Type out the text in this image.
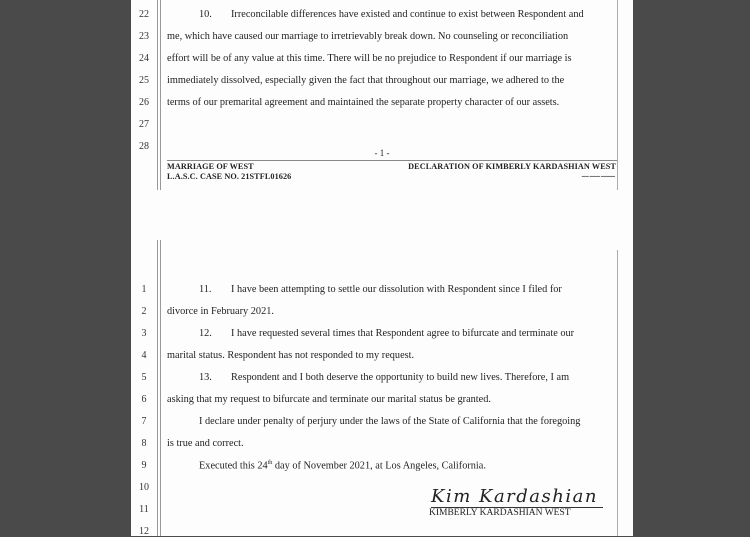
- 1 -
MARRIAGE OF WEST
L.A.S.C. CASE NO. 21STFL01626
DECLARATION OF KIMBERLY KARDASHIAN WEST
▬▬ ▬▬▬ ▬▬▬▬
Executed this 24th day of November 2021, at Los Angeles, California.
Kim Kardashian
KIMBERLY KARDASHIAN WEST
22
23
24
25
26
27
28
10. Irreconcilable differences have existed and continue to exist between Respondent and
me, which have caused our marriage to irretrievably break down. No counseling or reconciliation
effort will be of any value at this time. There will be no prejudice to Respondent if our marriage is
immediately dissolved, especially given the fact that throughout our marriage, we adhered to the
terms of our premarital agreement and maintained the separate property character of our assets.
1
2
3
4
5
6
7
8
9
10
11
12
11. I have been attempting to settle our dissolution with Respondent since I filed for
divorce in February 2021.
12. I have requested several times that Respondent agree to bifurcate and terminate our
marital status. Respondent has not responded to my request.
13. Respondent and I both deserve the opportunity to build new lives. Therefore, I am
asking that my request to bifurcate and terminate our marital status be granted.
I declare under penalty of perjury under the laws of the State of California that the foregoing
is true and correct.
